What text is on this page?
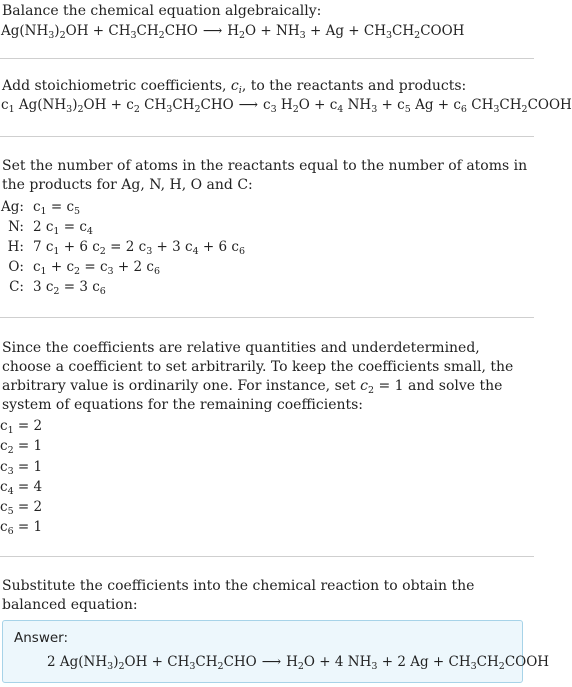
Balance the chemical equation algebraically:

$Ag(NH_3)_2OH + CH_3CH_2CHO$ ⟶ $H_2O + NH_3 + Ag$ + $CH_3CH_2COOH$

Add stoichiometric coefficients, $c_i$, to the reactants and products:

$c_1$ $Ag(NH_3)_2OH + c_2$ $CH_3CH_2CHO$ ⟶ $c_3$ $H_2O + c_4$ $NH_3 + c_5$ $Ag + c_6$ $CH_3CH_2COOH$

Set the number of atoms in the reactants equal to the number of atoms in the products for Ag, N, H, O and C:

Ag:	$c_1 = c_5$
N:	2 $c_1 = c_4$
H:	7 $c_1 + 6$ $c_2 = 2$ $c_3 + 3$ $c_4 + 6$ $c_6$
O:	$c_1 + c_2 = c_3 + 2$ $c_6$
C:	3 $c_2 = 3$ $c_6$

Since the coefficients are relative quantities and underdetermined, choose a coefficient to set arbitrarily. To keep the coefficients small, the arbitrary value is ordinarily one. For instance, set $c_2 = 1$ and solve the system of equations for the remaining coefficients:

$c_1 = 2$
$c_2 = 1$
$c_3 = 1$
$c_4 = 4$
$c_5 = 2$
$c_6 = 1$

Substitute the coefficients into the chemical reaction to obtain the balanced equation:

Answer:
2 $Ag(NH_3)_2OH + CH_3CH_2CHO$ ⟶ $H_2O + 4$ $NH_3 + 2$ $Ag + CH_3CH_2COOH$
